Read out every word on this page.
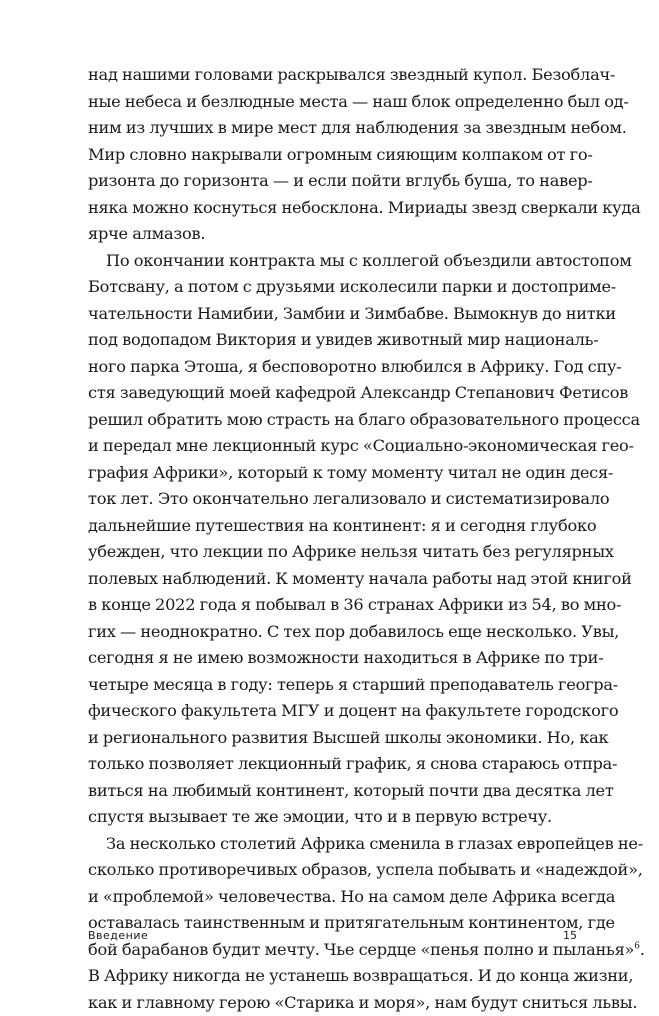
над нашими головами раскрывался звездный купол. Безоблач-
ные небеса и безлюдные места — наш блок определенно был од-
ним из лучших в мире мест для наблюдения за звездным небом.
Мир словно накрывали огромным сияющим колпаком от го-
ризонта до горизонта — и если пойти вглубь буша, то навер-
няка можно коснуться небосклона. Мириады звезд сверкали куда
ярче алмазов.
По окончании контракта мы с коллегой объездили автостопом
Ботсвану, а потом с друзьями исколесили парки и достоприме-
чательности Намибии, Замбии и Зимбабве. Вымокнув до нитки
под водопадом Виктория и увидев животный мир националь-
ного парка Этоша, я бесповоротно влюбился в Африку. Год спу-
стя заведующий моей кафедрой Александр Степанович Фетисов
решил обратить мою страсть на благо образовательного процесса
и передал мне лекционный курс «Социально-экономическая гео-
графия Африки», который к тому моменту читал не один деся-
ток лет. Это окончательно легализовало и систематизировало
дальнейшие путешествия на континент: я и сегодня глубоко
убежден, что лекции по Африке нельзя читать без регулярных
полевых наблюдений. К моменту начала работы над этой книгой
в конце 2022 года я побывал в 36 странах Африки из 54, во мно-
гих — неоднократно. С тех пор добавилось еще несколько. Увы,
сегодня я не имею возможности находиться в Африке по три-
четыре месяца в году: теперь я старший преподаватель геогра-
фического факультета МГУ и доцент на факультете городского
и регионального развития Высшей школы экономики. Но, как
только позволяет лекционный график, я снова стараюсь отпра-
виться на любимый континент, который почти два десятка лет
спустя вызывает те же эмоции, что и в первую встречу.
За несколько столетий Африка сменила в глазах европейцев не-
сколько противоречивых образов, успела побывать и «надеждой»,
и «проблемой» человечества. Но на самом деле Африка всегда
оставалась таинственным и притягательным континентом, где
бой барабанов будит мечту. Чье сердце «пенья полно и пыланья»$^6$.
В Африку никогда не устанешь возвращаться. И до конца жизни,
как и главному герою «Старика и моря», нам будут сниться львы.
Введение	15
